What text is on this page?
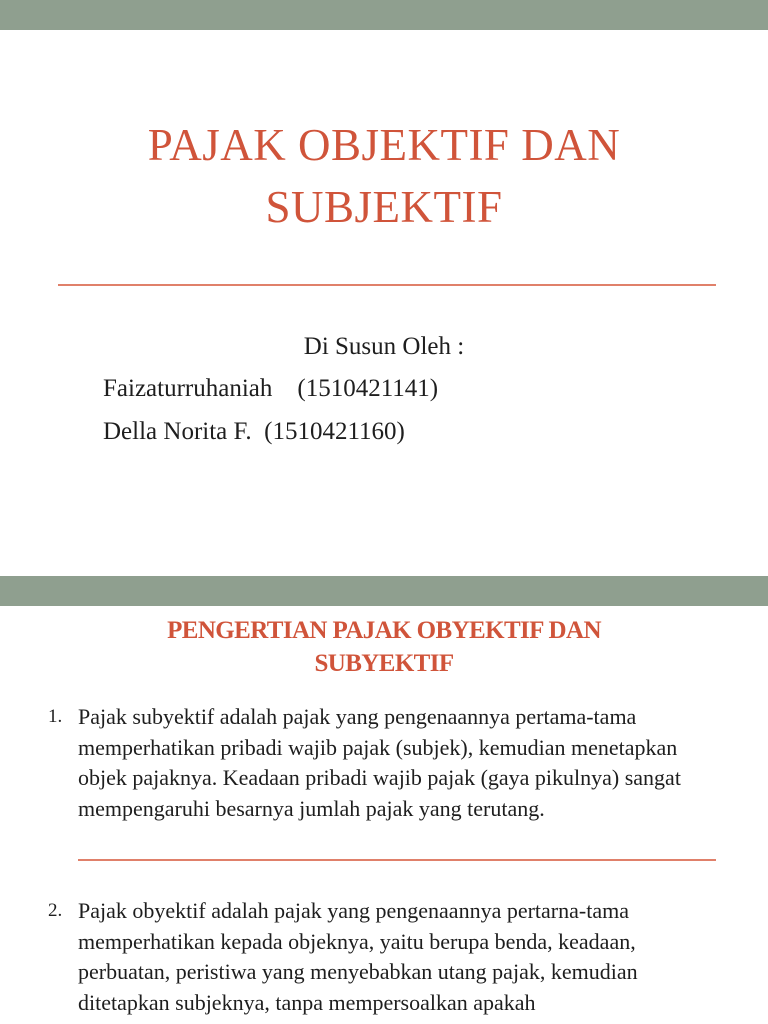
PAJAK OBJEKTIF DAN
SUBJEKTIF
Di Susun Oleh :
Faizaturruhaniah    (1510421141)
Della Norita F.  (1510421160)
PENGERTIAN PAJAK OBYEKTIF DAN
SUBYEKTIF
1. Pajak subyektif adalah pajak yang pengenaannya pertama-tama memperhatikan pribadi wajib pajak (subjek), kemudian menetapkan objek pajaknya. Keadaan pribadi wajib pajak (gaya pikulnya) sangat mempengaruhi besarnya jumlah pajak yang terutang.

2. Pajak obyektif adalah pajak yang pengenaannya pertarna-tama memperhatikan kepada objeknya, yaitu berupa benda, keadaan, perbuatan, peristiwa yang menyebabkan utang pajak, kemudian ditetapkan subjeknya, tanpa mempersoalkan apakah
